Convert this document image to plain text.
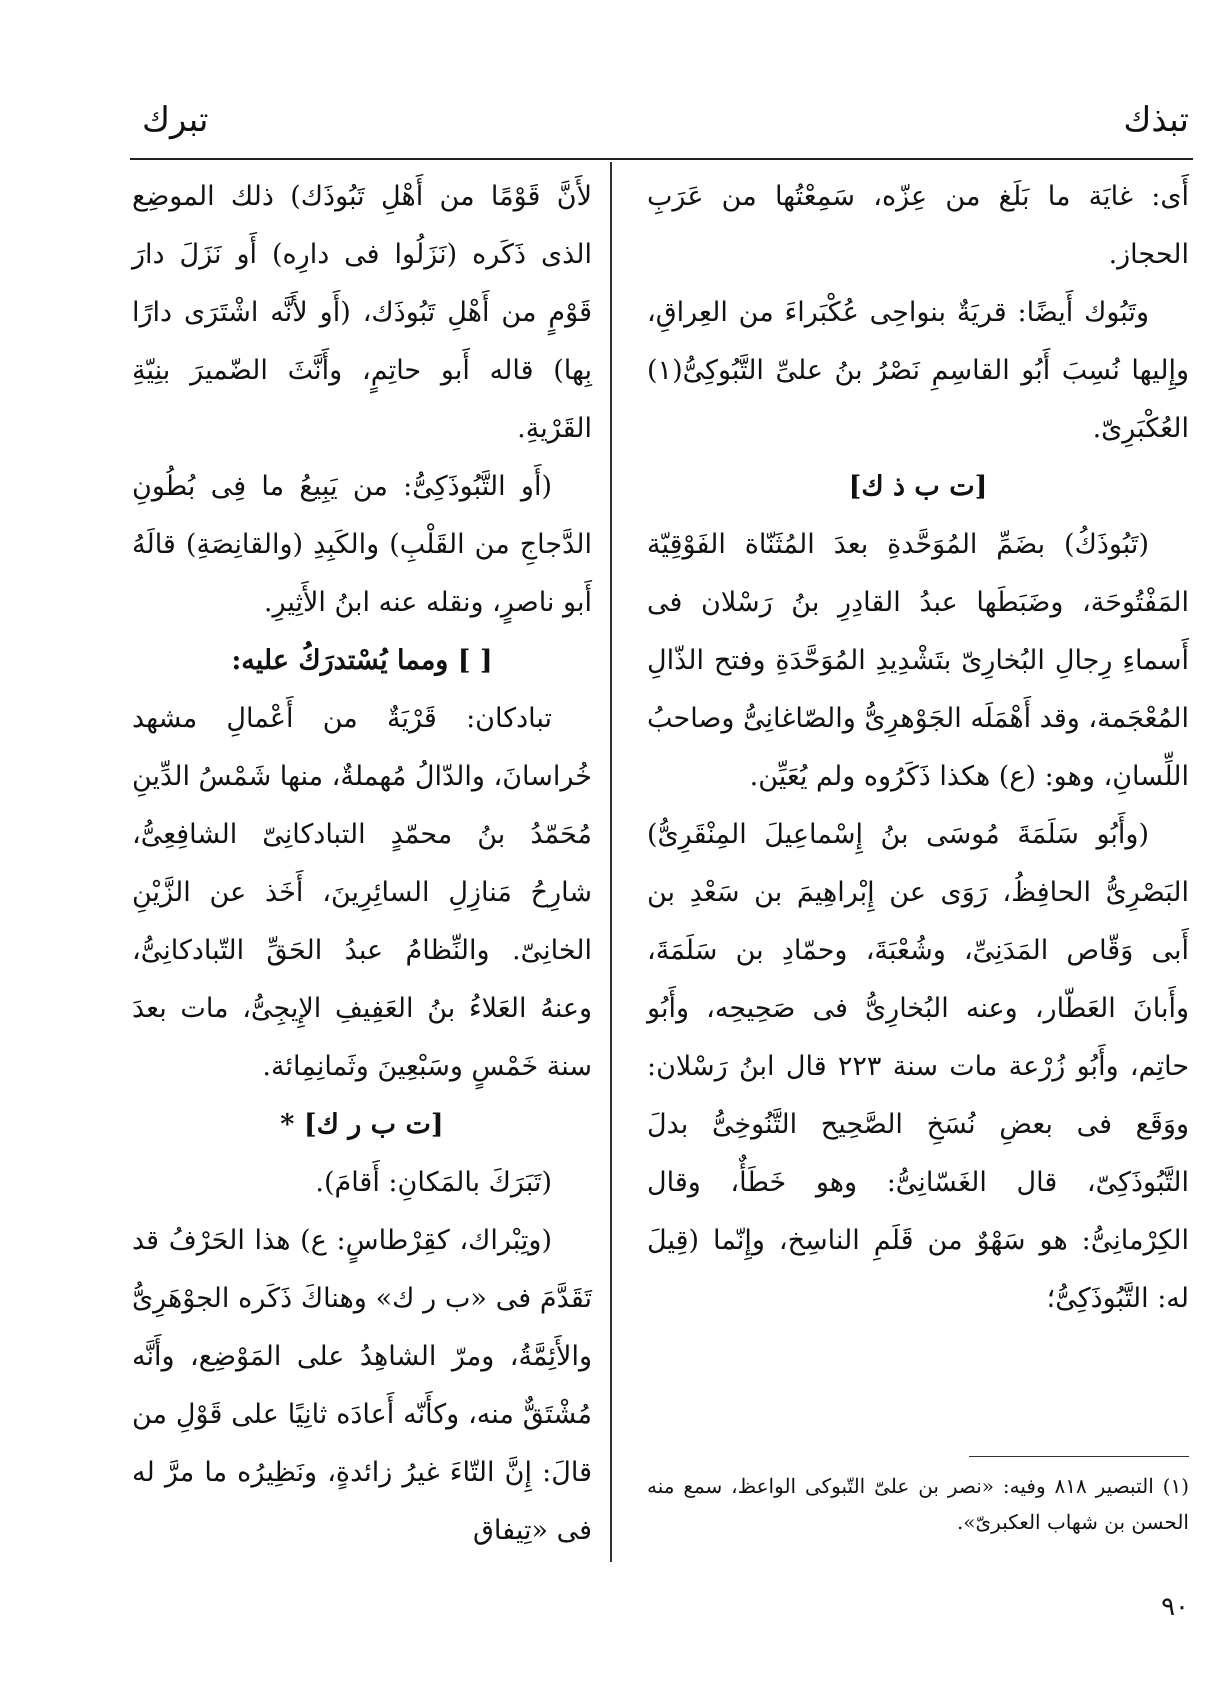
تبذك
تبرك

أَى: غايَة ما بَلَغ من عِزّه، سَمِعْتُها من عَرَبِ الحجاز.

وتَبُوك أَيضًا: قريَةٌ بنواحِى عُكْبَراءَ من العِراقِ، وإِليها نُسِبَ أَبُو القاسِمِ نَصْرُ بنُ علىِّ التَّبُوكِىُّ(١) العُكْبَرِىّ.

[ت ب ذ ك]

(تَبُوذَكُ) بضَمِّ المُوَحَّدةِ بعدَ المُثَنّاة الفَوْقِيّة المَفْتُوحَة، وضَبَطَها عبدُ القادِرِ بنُ رَسْلان فى أَسماءِ رِجالِ البُخارِىّ بتَشْدِيدِ المُوَحَّدَةِ وفتح الذّالِ المُعْجَمة، وقد أَهْمَلَه الجَوْهرِىُّ والصّاغانِىُّ وصاحبُ اللِّسانِ، وهو: (ع) هكذا ذَكَرُوه ولم يُعَيِّن.

(وأَبُو سَلَمَةَ مُوسَى بنُ إِسْماعِيلَ المِنْقَرِىُّ) البَصْرِىُّ الحافِظُ، رَوَى عن إِبْراهِيمَ بن سَعْدِ بن أَبى وَقّاص المَدَنِىِّ، وشُعْبَةَ، وحمّادِ بن سَلَمَةَ، وأَبانَ العَطّار، وعنه البُخارِىُّ فى صَحِيحِه، وأَبُو حاتِم، وأَبُو زُرْعة مات سنة ٢٢٣ قال ابنُ رَسْلان: ووَقَع فى بعضِ نُسَخِ الصَّحِيح التَّنُوخِىُّ بدلَ التَّبُوذَكِىّ، قال الغَسّانِىُّ: وهو خَطَأٌ، وقال الكِرْمانِىُّ: هو سَهْوٌ من قَلَمِ الناسِخ، وإِنّما (قِيلَ له: التَّبُوذَكِىُّ؛

لأَنَّ قَوْمًا من أَهْلِ تَبُوذَك) ذلك الموضِع الذى ذَكَره (نَزَلُوا فى دارِه) أَو نَزَلَ دارَ قَوْمٍ من أَهْلِ تَبُوذَك، (أَو لأَنَّه اشْتَرَى دارًا بِها) قاله أَبو حاتِمٍ، وأَنَّثَ الضّميرَ بنِيّةِ القَرْيةِ.

(أَو التَّبُوذَكِىُّ: من يَبِيعُ ما فِى بُطُونِ الدَّجاجِ من القَلْبِ) والكَبِدِ (والقانِصَةِ) قالَهُ أَبو ناصرٍ، ونقله عنه ابنُ الأَثِيرِ.

[ ] ومما يُسْتدرَكُ عليه:

تبادكان: قَرْيَةٌ من أَعْمالِ مشهد خُراسانَ، والدّالُ مُهملةٌ، منها شَمْسُ الدِّينِ مُحَمّدُ بنُ محمّدٍ التبادكانِىّ الشافِعِىُّ، شارِحُ مَنازِلِ السائِرِينَ، أَخَذ عن الزَّيْنِ الخانِىّ. والنِّظامُ عبدُ الحَقِّ التّبادكانِىُّ، وعنهُ العَلاءُ بنُ العَفِيفِ الإِيجِىُّ، مات بعدَ سنة خَمْسٍ وسَبْعِينَ وثَمانِمِائة.

[ت ب ر ك] *

(تَبَرَكَ بالمَكانِ: أَقامَ).

(وتِبْراك، كقِرْطاسٍ: ع) هذا الحَرْفُ قد تَقَدَّمَ فى «ب ر ك» وهناكَ ذَكَره الجوْهَرِىُّ والأَئِمَّةُ، ومرّ الشاهِدُ على المَوْضِع، وأَنَّه مُشْتَقٌّ منه، وكأَنّه أَعادَه ثانِيًا على قَوْلِ من قالَ: إِنَّ التّاءَ غيرُ زائدةٍ، ونَظِيرُه ما مرَّ له فى «تِيفاق

(١) التبصير ٨١٨ وفيه: «نصر بن علىّ التّبوكى الواعظ، سمع منه الحسن بن شهاب العكبرىّ».
٩٠
